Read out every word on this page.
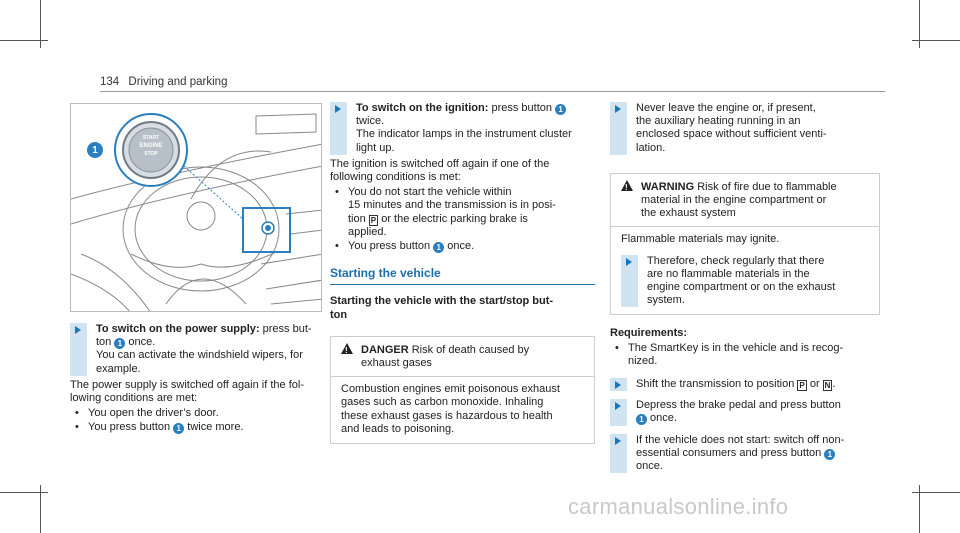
134 Driving and parking
1
START
ENGINE
STOP
To switch on the power supply: press but-
ton 1 once.
You can activate the windshield wipers, for
example.
The power supply is switched off again if the fol-
lowing conditions are met:
• You open the driver’s door.
• You press button 1 twice more.
To switch on the ignition: press button 1
twice.
The indicator lamps in the instrument cluster
light up.
The ignition is switched off again if one of the
following conditions is met:
• You do not start the vehicle within
15 minutes and the transmission is in posi-
tion P or the electric parking brake is
applied.
• You press button 1 once.
Starting the vehicle
Starting the vehicle with the start/stop but-
ton
!DANGER Risk of death caused by
exhaust gases
Combustion engines emit poisonous exhaust
gases such as carbon monoxide. Inhaling
these exhaust gases is hazardous to health
and leads to poisoning.
Never leave the engine or, if present,
the auxiliary heating running in an
enclosed space without sufficient venti-
lation.
!WARNING Risk of fire due to flammable
material in the engine compartment or
the exhaust system
Flammable materials may ignite.
Therefore, check regularly that there
are no flammable materials in the
engine compartment or on the exhaust
system.
Requirements:
• The SmartKey is in the vehicle and is recog-
nized.
Shift the transmission to position P or N .
Depress the brake pedal and press button
1 once.
If the vehicle does not start: switch off non-
essential consumers and press button 1
once.
carmanualsonline.info
